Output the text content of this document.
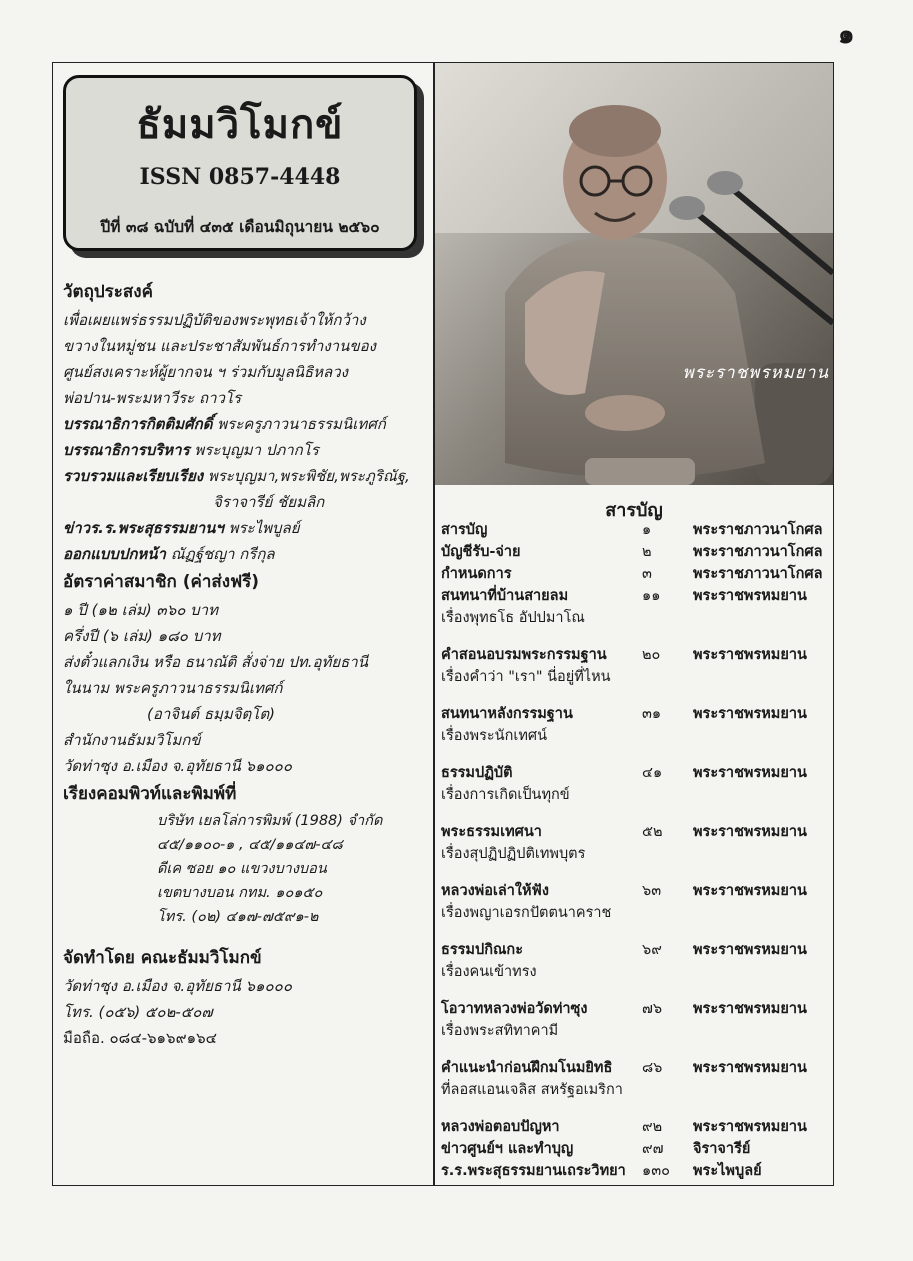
๑
ธัมมวิโมกข์
ISSN 0857-4448
ปีที่ ๓๘ ฉบับที่ ๔๓๕ เดือนมิถุนายน ๒๕๖๐
วัตถุประสงค์
เพื่อเผยแพร่ธรรมปฏิบัติของพระพุทธเจ้าให้กว้าง
ขวางในหมู่ชน และประชาสัมพันธ์การทำงานของ
ศูนย์สงเคราะห์ผู้ยากจน ฯ ร่วมกับมูลนิธิหลวง
พ่อปาน-พระมหาวีระ ถาวโร
บรรณาธิการกิตติมศักดิ์ พระครูภาวนาธรรมนิเทศก์
บรรณาธิการบริหาร พระบุญมา ปภากโร
รวบรวมและเรียบเรียง พระบุญมา,พระพิชัย,พระภูริณัฐ,
จิราจารีย์ ชัยมลิก
ข่าวร.ร.พระสุธรรมยานฯ พระไพบูลย์
ออกแบบปกหน้า ณัฏฐ์ชญา กรีกุล
อัตราค่าสมาชิก (ค่าส่งฟรี)
๑ ปี (๑๒ เล่ม) ๓๖๐ บาท
ครึ่งปี (๖ เล่ม) ๑๘๐ บาท
ส่งตั๋วแลกเงิน หรือ ธนาณัติ สั่งจ่าย ปท.อุทัยธานี
ในนาม พระครูภาวนาธรรมนิเทศก์
(อาจินต์ ธมฺมจิตฺโต)
สำนักงานธัมมวิโมกข์
วัดท่าซุง อ.เมือง จ.อุทัยธานี ๖๑๐๐๐
เรียงคอมพิวท์และพิมพ์ที่
บริษัท เยลโล่การพิมพ์ (1988) จำกัด
๔๕/๑๑๐๐-๑ , ๔๕/๑๑๔๗-๔๘
ดีเค ซอย ๑๐ แขวงบางบอน
เขตบางบอน กทม. ๑๐๑๕๐
โทร. (๐๒) ๔๑๗-๗๕๙๑-๒
จัดทำโดย คณะธัมมวิโมกข์
วัดท่าซุง อ.เมือง จ.อุทัยธานี ๖๑๐๐๐
โทร. (๐๕๖) ๕๐๒-๕๐๗
มือถือ. ๐๘๔-๖๑๖๙๑๖๔
พระราชพรหมยาน
สารบัญ
สารบัญ	๑	พระราชภาวนาโกศล
บัญชีรับ-จ่าย	๒	พระราชภาวนาโกศล
กำหนดการ	๓	พระราชภาวนาโกศล
สนทนาที่บ้านสายลม	๑๑ พระราชพรหมยาน
เรื่องพุทธโธ อัปปมาโณ
คำสอนอบรมพระกรรมฐาน ๒๐ พระราชพรหมยาน
เรื่องคำว่า "เรา" นี่อยู่ที่ไหน
สนทนาหลังกรรมฐาน	๓๑ พระราชพรหมยาน
เรื่องพระนักเทศน์
ธรรมปฏิบัติ	๔๑ พระราชพรหมยาน
เรื่องการเกิดเป็นทุกข์
พระธรรมเทศนา	๕๒ พระราชพรหมยาน
เรื่องสุปฏิปฏิปติเทพบุตร
หลวงพ่อเล่าให้ฟัง	๖๓ พระราชพรหมยาน
เรื่องพญาเอรกปัตตนาคราช
ธรรมปกิณกะ	๖๙ พระราชพรหมยาน
เรื่องคนเข้าทรง
โอวาทหลวงพ่อวัดท่าซุง	๗๖ พระราชพรหมยาน
เรื่องพระสทิทาคามี
คำแนะนำก่อนฝึกมโนมยิทธิ ๘๖ พระราชพรหมยาน
ที่ลอสแอนเจลิส สหรัฐอเมริกา
หลวงพ่อตอบปัญหา	๙๒ พระราชพรหมยาน
ข่าวศูนย์ฯ และทำบุญ	๙๗ จิราจารีย์
ร.ร.พระสุธรรมยานเถระวิทยา ๑๓๐ พระไพบูลย์
